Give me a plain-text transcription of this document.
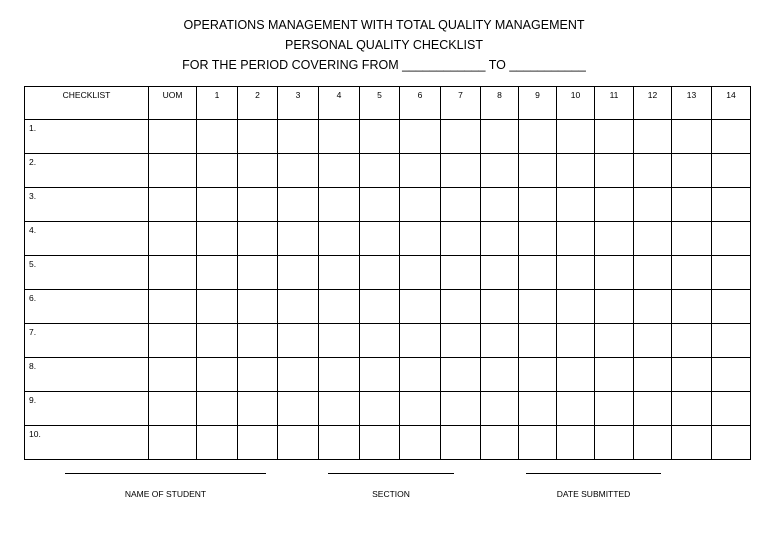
OPERATIONS MANAGEMENT WITH TOTAL QUALITY MANAGEMENT
PERSONAL QUALITY CHECKLIST
FOR THE PERIOD COVERING FROM ____________ TO ___________
CHECKLIST	UOM	1	2	3	4	5	6	7	8	9	10	11	12	13	14
1.															
2.															
3.															
4.															
5.															
6.															
7.															
8.															
9.															
10.															
NAME OF STUDENT	SECTION	DATE SUBMITTED
